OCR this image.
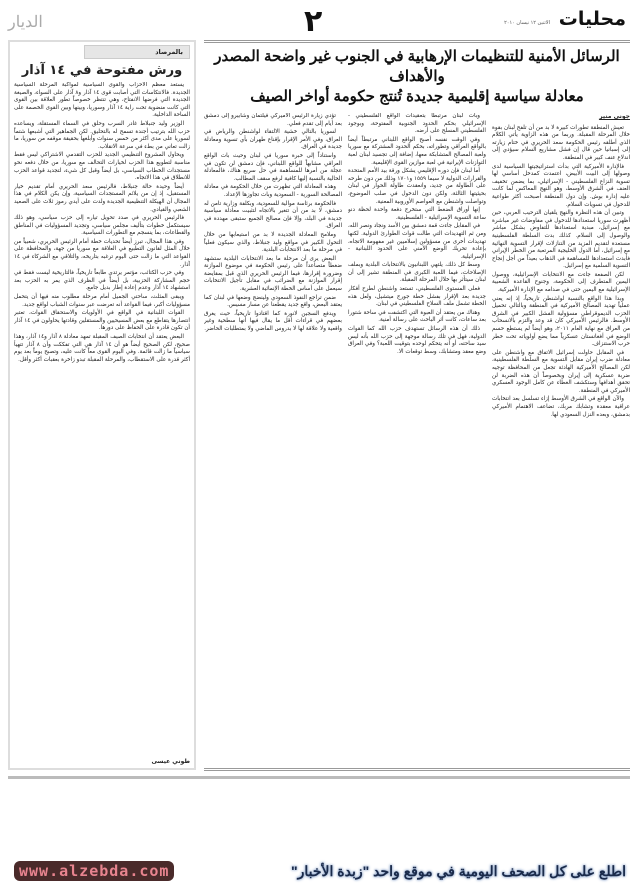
محليات
الاثنين ١٢ نيسان ٢٠١٠
٢
الديار
الرسائل الأمنية للتنظيمات الإرهابية في الجنوب غير واضحة المصدر والأهداف
معادلة سياسية إقليمية جديدة تُنتج حكومة أواخر الصيف
جوني منير

تعيش المنطقة تطورات كبيرة لا بد من أن تلفح لبنان بقوة خلال المرحلة المقبلة. وربما من هذه الزاوية يأتي الكلام الذي أطلقه رئيس الحكومة سعد الحريري في ختام زيارته إلى إسبانيا حين قال إن فشل مشاريع السلام سيؤدي إلى اندلاع عنف كبير في المنطقة.

فالإدارة الأميركية التي بدأت استراتيجيتها السياسية لدى وصولها إلى البيت الأبيض، اعتمدت كمدخل أساسي لها تسوية النزاع الفلسطيني - الإسرائيلي، بما يضمن تخفيف العنف في الشرق الأوسط، وهو النهج المعاكس لما كانت عليه إدارة بوش. وإن دول المنطقة أصبحت أكثر طواعية للدخول في تسويات السلام.

وتبين أن هذه النظرة والنهج يلقيان الترحيب العربي، حين أظهرت سوريا استعدادها للدخول في مفاوضات غير مباشرة مع إسرائيل، مبدية استعدادها للتفاوض بشكل مباشر والوصول إلى السلام. كذلك بدت السلطة الفلسطينية مستعدة لتقديم المزيد من التنازلات لإقرار التسوية النهائية مع إسرائيل، أما الدول الخليجية المرتعبة من الخطر الإيراني فأبدت استعدادها للمساهمة في الذهاب بعيداً من أجل إنجاح التسوية السلمية مع إسرائيل.

لكن الصفعة جاءت مع الانتخابات الإسرائيلية، ووصول اليمين المتطرف إلى الحكومة، وجنوح القاعدة الشعبية الإسرائيلية مع اليمين حتى في صدامه مع الإدارة الأميركية.

وبدا هذا الواقع بالنسبة لواشنطن تاريخياً، إذ إنه يعني عملياً تهديد المصالح الأميركية في المنطقة وبالتالي تحميل الحزب الديموقراطي مسؤولية الفشل الكبير في الشرق الأوسط. فالرئيس الأميركي كان قد وعد والتزم بالانسحاب من العراق مع نهاية العام ٢٠١١، وهو أيضاً لم يستطع حسم الوضع في أفغانستان عسكرياً مما يضع أولوياته تحت خطر حرب الاستنزاف.

في المقابل حاولت إسرائيل الاتفاق مع واشنطن على معادلة ضرب إيران مقابل التسوية مع السلطة الفلسطينية، لكن المصالح الأميركية الهادئة تجعل من المحافظة توجيه ضربة عسكرية إلى إيران وبخصوصاً أن هذه الضربة لن تحقق أهدافها وستكشف الغطاء عن كامل الوجود العسكري الأميركي في المنطقة.

والآن الواقع في الشرق الأوسط إزاء تسلسل بعد انتخابات عراقية معقدة وتشابك مربك، تضاعف الاهتمام الأميركي بدمشق، وبعده النزل السعودي لها.

وبات لبنان مرتبطاً بتعقيدات الواقع الفلسطيني - الإسرائيلي بحكم الحدود الجنوبية المفتوحة، وبوجود الفلسطيني المسلح على أرضه.

وفي الوقت نفسه أصبح الواقع اللبناني مرتبطاً أيضاً بالواقع العراقي وتطوراته، بحكم الحدود المشتركة مع سوريا ولعبة المصالح المتشابكة معها، إضافة إلى تجسيد لبنان لعبة التوازنات الإيرانية في لعبة موازين القوى الإقليمية.

أما لبنان فإن دوره الإقليمي يشكل ورقة بيد الأمم المتحدة والقرارات الدولية لا سيما ١٥٥٩ و١٧٠١ وذلك من دون طرحه على الطاولة من جديد، وانعقدت طاولة الحوار في لبنان بحيثيتها الثالثة، ولكن دون الدخول في صلب الموضوع، وتواصلت واشنطن مع العواصم الأوروبية المعنية.

إنها أوراق الضغط التي ستخرج دفعة واحدة لحظة دنو ساعة التسوية الإسرائيلية - الفلسطينية.

في المقابل جاءت قمة دمشق بين الأسد ونجاد ونصر الله، ومن ثم التهديدات التي طالت قوات الطوارئ الدولية. لكنها تهديدات أخرى من مسؤولين إسلاميين غير مفهومة الاتجاه، بإعادة تحريك الوضع الأمني على الحدود اللبنانية - الإسرائيلية.

وسط كل ذلك، يلتهي اللبنانيون بالانتخابات البلدية وبملف الإصلاحات، فيما اللعبة الكبرى في المنطقة تشير إلى أن لبنان سيتأثر بها خلال المرحلة المقبلة.

فعلى المستوى الفلسطيني، تستعد واشنطن لطرح أفكار جديدة بعد الإقرار بفشل خطة جورج ميتشيل، ولعل هذه الخطة تشمل ملف السلاح الفلسطيني في لبنان.

وهناك من يعتقد أن العبوة التي اكتشفت في ساحة شتورا بعد ساعات، كانت أثر الباحث على رسالة أمنية.

ذلك أن هذه الرسائل تستهدف حزب الله كما القوات الدولية، فهل في تلك رسالة موجهة إلى حزب الله بأنه ليس سيد ساحته، أو أنه يتحكم لوحده بتوقيت اللعبة؟ وفي العراق وضع معقد ومتشابك، وسط توقعات الا.

تؤدي زيارة الرئيس الأميركي فيلتمان وشابيرو إلى دمشق بعد أيام إلى تقدم فعلي.

لسوريا بالتالي خشية الالتقاء لواشنطن والرياض في العراق، وفي الأمر الإقرار بإقناع طهران بأي تسوية ومعادلة جديدة في العراق.

واستناداً إلى خبرة سوريا في لبنان وحيث بات الواقع العراقي مشابهاً للواقع اللبناني، فإن دمشق لن تكون في عجلة من أمرها للمساهمة في حل سريع هناك، فالمعادلة الحالية بالنسبة إليها كافية لرفع سقف المطالب.

وهذه المعادلة التي تظهرت من خلال الحكومة في معادلة المصالحة السورية - السعودية وبات تجاوزها الإعداد.

فالحكومة برئاسة موالية للسعودية، وبكلفة وزارية تامن له دمشق، لا بد من أن تتغير بالاتجاه لتثبيت معادلة سياسية جديدة في البلد، وإلا فإن مصالح الجميع ستبقى مهددة في العراق.

وملامح المعادلة الجديدة لا بد من استيعابها من خلال التحول الكبير في مواقع وليد جنبلاط، والذي سيكون فعلياً في مرحلة ما بعد الانتخابات البلدية.

البعض يرى أن مرحلة ما بعد الانتخابات البلدية ستشهد ضغطاً متصاعداً على رئيس الحكومة في موضوع الموازنة وضرورة إقرارها، فيما الرئيس الحريري الذي قبل بمقايضة إقرار الموازنة مع الضرائب في مقابل تأجيل الانتخابات سيعمل على أساس الخطة الإنمائية العشرية.

ضمن تراجع النفوذ السعودي ولينضج وضعها في لبنان كما يعتقد البعض، واقع جديد يقطعنا عن مسار مسيس.

ويدفع السجين لانورة كما اقتادوا تاريخياً، حيث يغرق بعضهم في قراءات أقل ما يقال فيها أنها سطحية وغير واقعية ولا علاقة لها لا بدروس الماضي ولا بمتطلبات الحاضر.

بالمرصاد
ورش مفتوحة في ١٤ آذار

يستعد معظم الأحزاب والقوى السياسية لمواكبة المرحلة السياسية الجديدة. فالانتكاسات التي أصابت قوى ١٤ آذار و٨ آذار على السواء، والصيغة الجديدة التي فرضها الانفتاح، وهي تنتظر خصوصاً تطور العلاقة بين القوى التي كانت منضوية تحت راية ١٤ آذار وسوريا، وبينها وبين القوى الخصمة على الساحة الداخلية.

الوزير وليد جنبلاط غادر السرب وحلق في السماء المستقلة، ويساعده حزب الله بترتيب أجندة تسمح له بالتحليق. لكن الجماهير التي أشبعها شتماً لسوريا على مدى أكثر من خمس سنوات وأبلغها بحقيقة موقفه من سوريا، ما زالت تعاني من بطء في سرعة الانقلاب.

ويحاول المشروع التنظيمي الجديد للحزب التقدمي الاشتراكي ليس فقط مناسبة لتطويع هذا الحزب لخيارات التحالف مع سوريا، من خلال دفعه نحو مستجدات الخطاب السياسي، بل أيضاً وقبل كل شيء، لتجديد قواعد الحزب للانطلاق في هذا الاتجاه.

أيضاً وحيدة حالة جنبلاط، فالرئيس سعد الحريري أمام تقديم خيار المستقبل، إذ إن من يلائم المستجدات السياسية، وإن يكن الكلام في هذا المجال أن الهيكلة التنظيمية الجديدة ولدت على أيدي رموز ثلاث على الصعيد الشعبي والقيادي.

فالرئيس الحريري في صدد تحويل تياره إلى حزب سياسي، وهو ذلك سيستكمل خطوات بتأليف مجلس سياسي، وتجديد المسؤوليات في المناطق والقطاعات، بما ينسجم مع التطورات السياسية.

وفي هذا المجال، تبرز أيضاً تحديات خطة أمام الرئيس الحريري، شعبياً من خلال المثل لقانون التطبيع في العلاقة مع سوريا من جهة، والمحافظة على القواعد التي ما زالت حتى اليوم ترغبه بتاريخه، والتلاقي مع الشركاء في ١٤ آذار.

وفي حزب الكتائب، مؤتمر يرتدي طابعاً تاريخياً، فالتاريخية ليست فقط في حجم المشاركة الحزبية، بل أيضاً في الظرف الذي يمر به الحزب بعد استشهاد ١٤ آذار وعدم إعادة إطار بديل جامع.

ويبقى المثلث، ساحتي الجميل أمام مرحلة مطلوب منه فيها أن يتحمل مسؤوليات أكبر، فيما القواعد أنه تعرضت عبر سنوات الشباب لواقع جديد.

القوات اللبنانية في الواقع في الأولويات والاستحقاق القوات، تعتبر انتصارها يتقاطع مع بعض المسيحيين والمستقلين وقادتها يحاولون في ١٤ آذار أن تكون قادرة على الحفاظ على دورها.

البعض يعتقد أن انتخابات الصيف المقبلة تمهد معادلة ٨ آذار و١٤ آذار، وهذا صحيح، لكن الصحيح أيضاً هو أن ١٤ آذار هي التي تفككت وأن ٨ آذار تتهيأ سياسياً ما زالت قائمة. وفي اليوم القوى معاً كانت عليه، وتصبح يوماً بعد يوم أكثر قدرة على الاستقطاب، والمرحلة المقبلة تبدو زاخرة بعقبات أكثر وأقل.

طوني عيسى
www.alzebda.com	اطلع على كل الصحف اليومية في موقع واحد "زبدة الأخبار"
